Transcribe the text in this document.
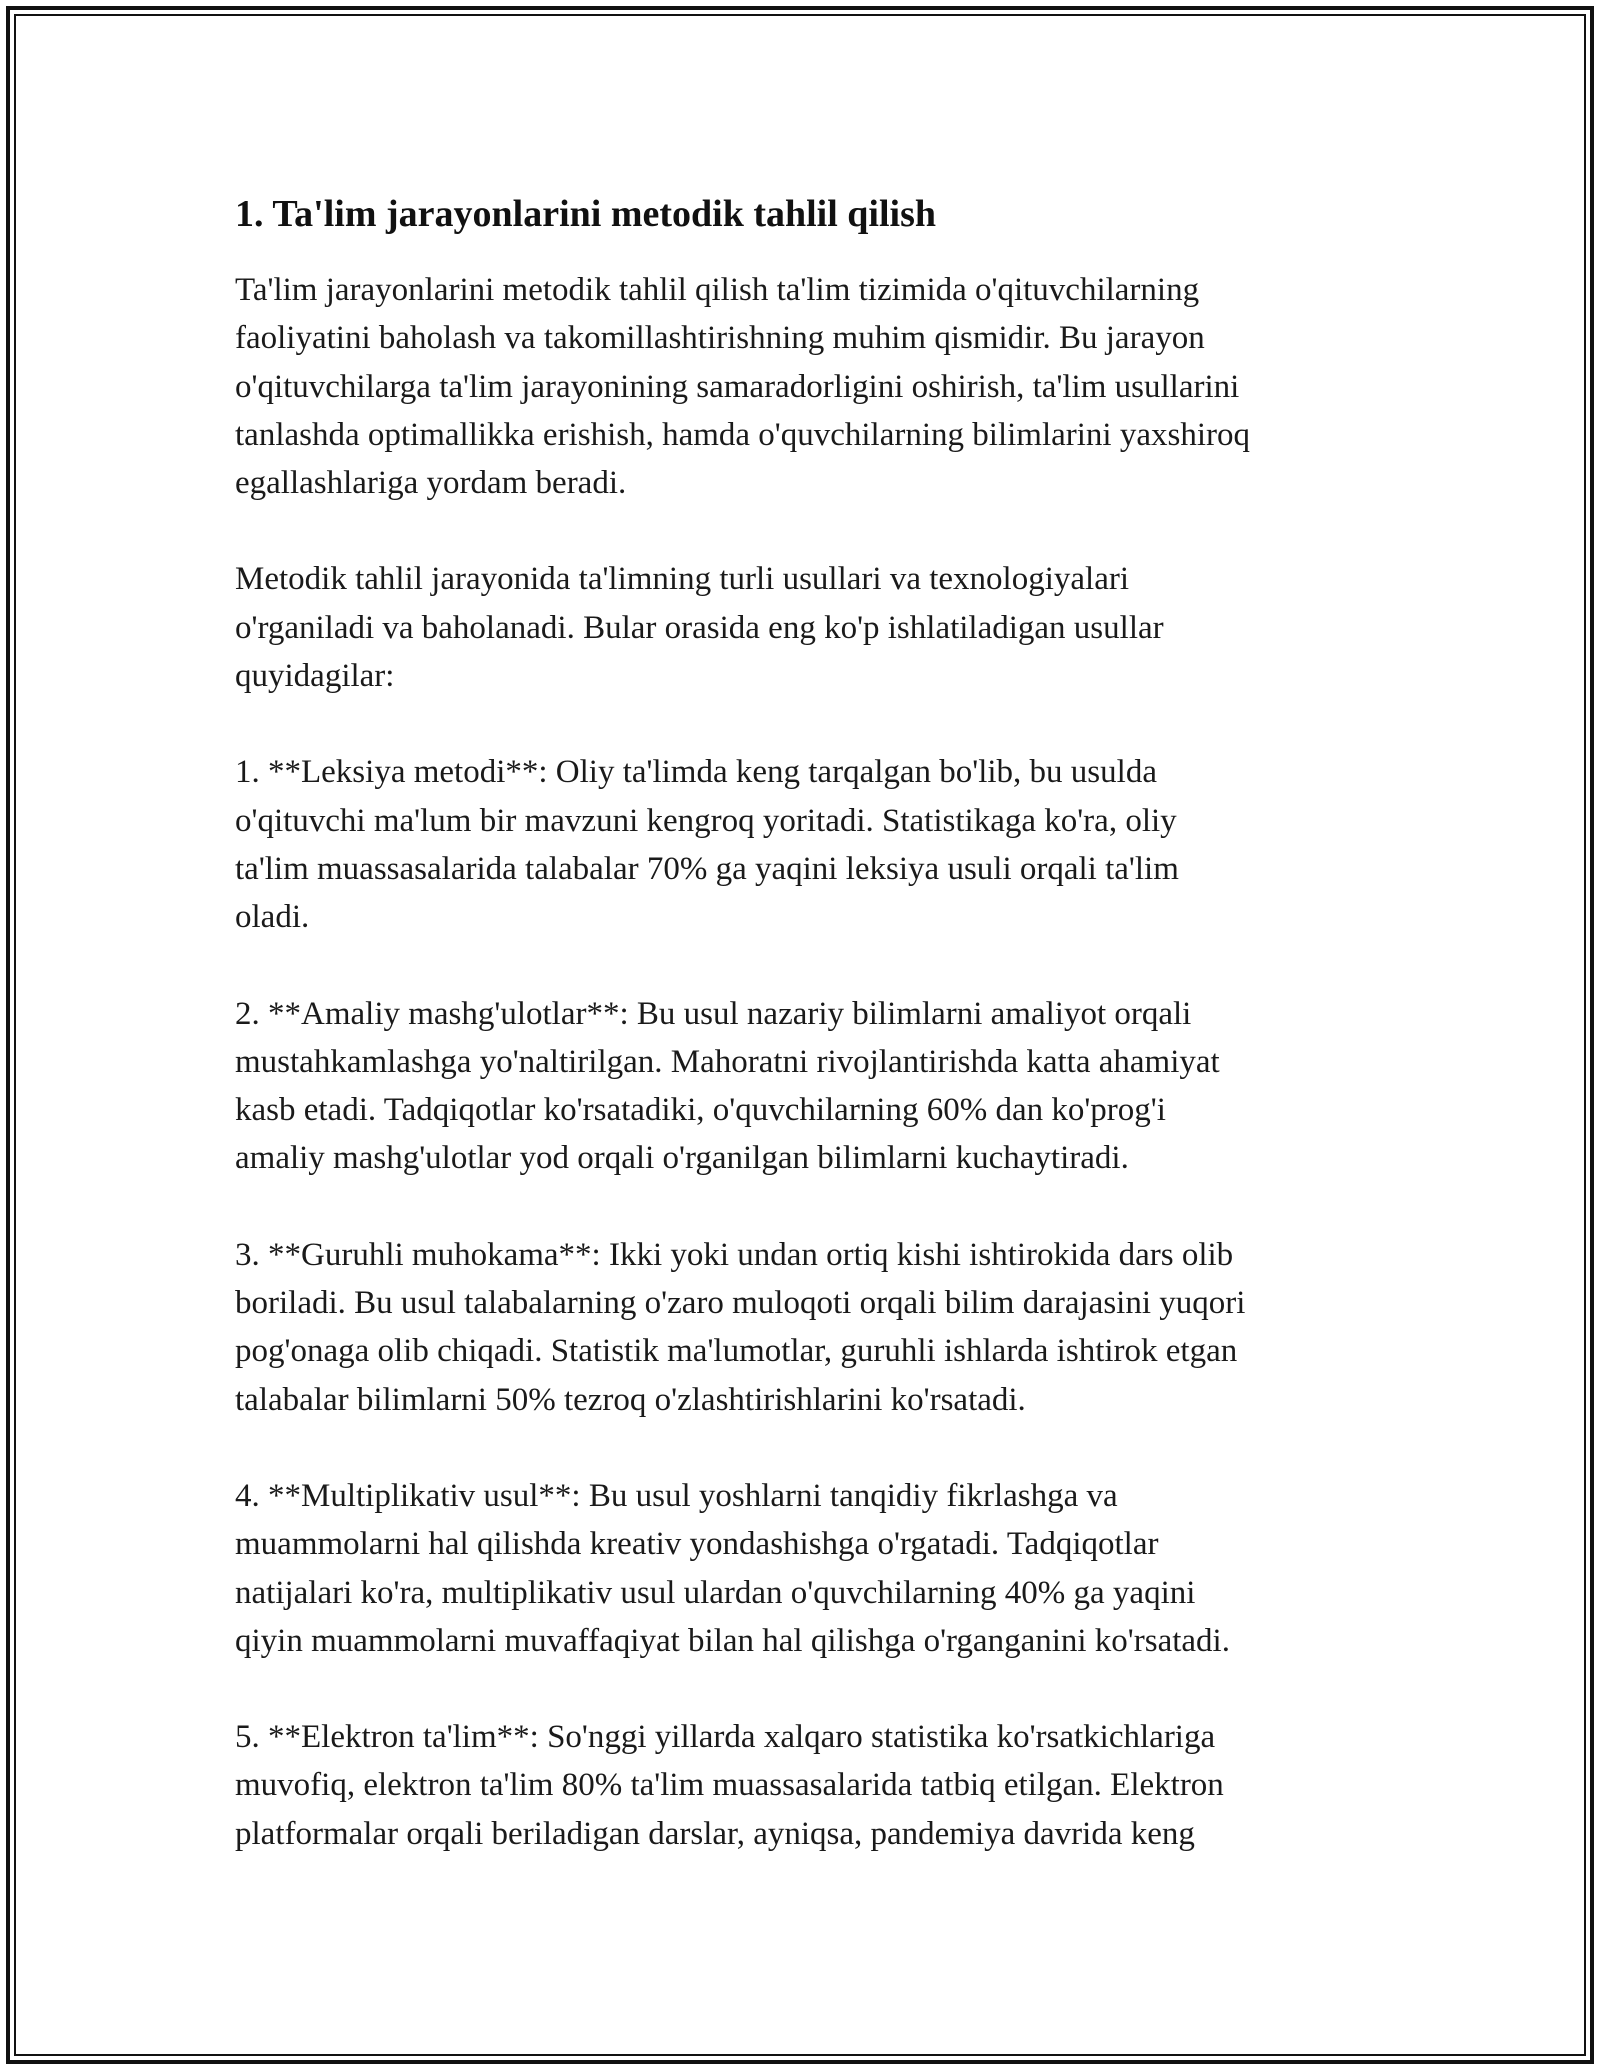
1. Ta'lim jarayonlarini metodik tahlil qilish

Ta'lim jarayonlarini metodik tahlil qilish ta'lim tizimida o'qituvchilarning
faoliyatini baholash va takomillashtirishning muhim qismidir. Bu jarayon
o'qituvchilarga ta'lim jarayonining samaradorligini oshirish, ta'lim usullarini
tanlashda optimallikka erishish, hamda o'quvchilarning bilimlarini yaxshiroq
egallashlariga yordam beradi.

Metodik tahlil jarayonida ta'limning turli usullari va texnologiyalari
o'rganiladi va baholanadi. Bular orasida eng ko'p ishlatiladigan usullar
quyidagilar:

1. **Leksiya metodi**: Oliy ta'limda keng tarqalgan bo'lib, bu usulda
o'qituvchi ma'lum bir mavzuni kengroq yoritadi. Statistikaga ko'ra, oliy
ta'lim muassasalarida talabalar 70% ga yaqini leksiya usuli orqali ta'lim
oladi.

2. **Amaliy mashg'ulotlar**: Bu usul nazariy bilimlarni amaliyot orqali
mustahkamlashga yo'naltirilgan. Mahoratni rivojlantirishda katta ahamiyat
kasb etadi. Tadqiqotlar ko'rsatadiki, o'quvchilarning 60% dan ko'prog'i
amaliy mashg'ulotlar yod orqali o'rganilgan bilimlarni kuchaytiradi.

3. **Guruhli muhokama**: Ikki yoki undan ortiq kishi ishtirokida dars olib
boriladi. Bu usul talabalarning o'zaro muloqoti orqali bilim darajasini yuqori
pog'onaga olib chiqadi. Statistik ma'lumotlar, guruhli ishlarda ishtirok etgan
talabalar bilimlarni 50% tezroq o'zlashtirishlarini ko'rsatadi.

4. **Multiplikativ usul**: Bu usul yoshlarni tanqidiy fikrlashga va
muammolarni hal qilishda kreativ yondashishga o'rgatadi. Tadqiqotlar
natijalari ko'ra, multiplikativ usul ulardan o'quvchilarning 40% ga yaqini
qiyin muammolarni muvaffaqiyat bilan hal qilishga o'rganganini ko'rsatadi.

5. **Elektron ta'lim**: So'nggi yillarda xalqaro statistika ko'rsatkichlariga
muvofiq, elektron ta'lim 80% ta'lim muassasalarida tatbiq etilgan. Elektron
platformalar orqali beriladigan darslar, ayniqsa, pandemiya davrida keng
